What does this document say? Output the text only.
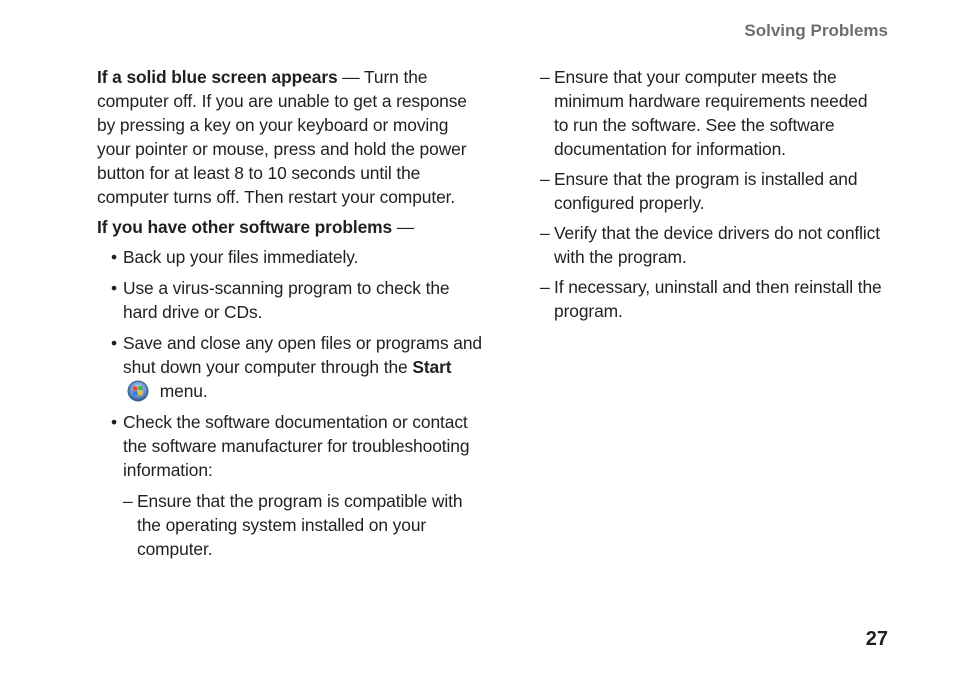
Solving Problems

If a solid blue screen appears — Turn the computer off. If you are unable to get a response by pressing a key on your keyboard or moving your pointer or mouse, press and hold the power button for at least 8 to 10 seconds until the computer turns off. Then restart your computer.

If you have other software problems —

• Back up your files immediately.
• Use a virus-scanning program to check the hard drive or CDs.
• Save and close any open files or programs and shut down your computer through the Start menu.
• Check the software documentation or contact the software manufacturer for troubleshooting information:
– Ensure that the program is compatible with the operating system installed on your computer.
– Ensure that your computer meets the minimum hardware requirements needed to run the software. See the software documentation for information.
– Ensure that the program is installed and configured properly.
– Verify that the device drivers do not conflict with the program.
– If necessary, uninstall and then reinstall the program.
27
